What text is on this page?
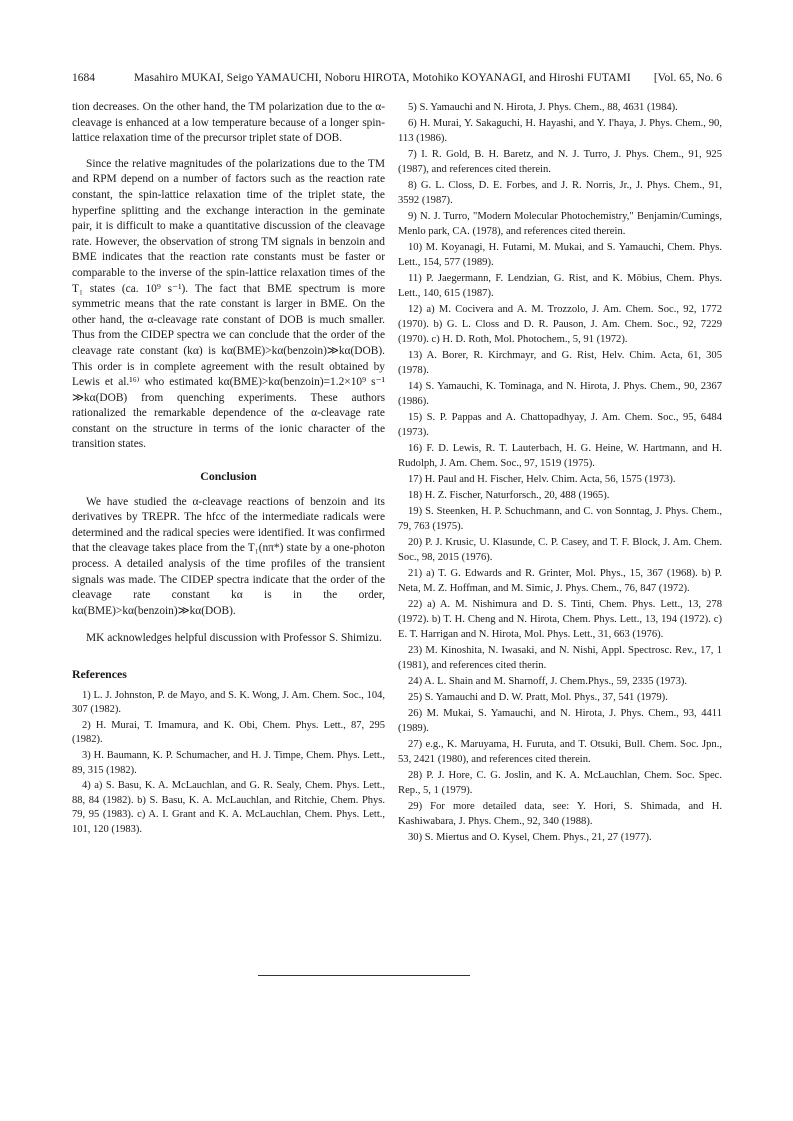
1684	Masahiro MUKAI, Seigo YAMAUCHI, Noboru HIROTA, Motohiko KOYANAGI, and Hiroshi FUTAMI [Vol. 65, No. 6

tion decreases. On the other hand, the TM polarization due to the α-cleavage is enhanced at a low temperature because of a longer spin-lattice relaxation time of the precursor triplet state of DOB.

Since the relative magnitudes of the polarizations due to the TM and RPM depend on a number of factors such as the reaction rate constant, the spin-lattice relaxation time of the triplet state, the hyperfine splitting and the exchange interaction in the geminate pair, it is difficult to make a quantitative discussion of the cleavage rate. However, the observation of strong TM signals in benzoin and BME indicates that the reaction rate constants must be faster or comparable to the inverse of the spin-lattice relaxation times of the T₁ states (ca. 10⁹ s⁻¹). The fact that BME spectrum is more symmetric means that the rate constant is larger in BME. On the other hand, the α-cleavage rate constant of DOB is much smaller. Thus from the CIDEP spectra we can conclude that the order of the cleavage rate constant (kα) is kα(BME)>kα(benzoin)≫kα(DOB). This order is in complete agreement with the result obtained by Lewis et al.¹⁶⁾ who estimated kα(BME)>kα(benzoin)=1.2×10⁹ s⁻¹ ≫kα(DOB) from quenching experiments. These authors rationalized the remarkable dependence of the α-cleavage rate constant on the structure in terms of the ionic character of the transition states.

Conclusion

We have studied the α-cleavage reactions of benzoin and its derivatives by TREPR. The hfcc of the intermediate radicals were determined and the radical species were identified. It was confirmed that the cleavage takes place from the T₁(nπ*) state by a one-photon process. A detailed analysis of the time profiles of the transient signals was made. The CIDEP spectra indicate that the order of the cleavage rate constant kα is in the order, kα(BME)>kα(benzoin)≫kα(DOB).

MK acknowledges helpful discussion with Professor S. Shimizu.

References

1) L. J. Johnston, P. de Mayo, and S. K. Wong, J. Am. Chem. Soc., 104, 307 (1982).

2) H. Murai, T. Imamura, and K. Obi, Chem. Phys. Lett., 87, 295 (1982).

3) H. Baumann, K. P. Schumacher, and H. J. Timpe, Chem. Phys. Lett., 89, 315 (1982).

4) a) S. Basu, K. A. McLauchlan, and G. R. Sealy, Chem. Phys. Lett., 88, 84 (1982). b) S. Basu, K. A. McLauchlan, and Ritchie, Chem. Phys. 79, 95 (1983). c) A. I. Grant and K. A. McLauchlan, Chem. Phys. Lett., 101, 120 (1983).

5) S. Yamauchi and N. Hirota, J. Phys. Chem., 88, 4631 (1984).

6) H. Murai, Y. Sakaguchi, H. Hayashi, and Y. I'haya, J. Phys. Chem., 90, 113 (1986).

7) I. R. Gold, B. H. Baretz, and N. J. Turro, J. Phys. Chem., 91, 925 (1987), and references cited therein.

8) G. L. Closs, D. E. Forbes, and J. R. Norris, Jr., J. Phys. Chem., 91, 3592 (1987).

9) N. J. Turro, "Modern Molecular Photochemistry," Benjamin/Cumings, Menlo park, CA. (1978), and references cited therein.

10) M. Koyanagi, H. Futami, M. Mukai, and S. Yamauchi, Chem. Phys. Lett., 154, 577 (1989).

11) P. Jaegermann, F. Lendzian, G. Rist, and K. Möbius, Chem. Phys. Lett., 140, 615 (1987).

12) a) M. Cocivera and A. M. Trozzolo, J. Am. Chem. Soc., 92, 1772 (1970). b) G. L. Closs and D. R. Pauson, J. Am. Chem. Soc., 92, 7229 (1970). c) H. D. Roth, Mol. Photochem., 5, 91 (1972).

13) A. Borer, R. Kirchmayr, and G. Rist, Helv. Chim. Acta, 61, 305 (1978).

14) S. Yamauchi, K. Tominaga, and N. Hirota, J. Phys. Chem., 90, 2367 (1986).

15) S. P. Pappas and A. Chattopadhyay, J. Am. Chem. Soc., 95, 6484 (1973).

16) F. D. Lewis, R. T. Lauterbach, H. G. Heine, W. Hartmann, and H. Rudolph, J. Am. Chem. Soc., 97, 1519 (1975).

17) H. Paul and H. Fischer, Helv. Chim. Acta, 56, 1575 (1973).

18) H. Z. Fischer, Naturforsch., 20, 488 (1965).

19) S. Steenken, H. P. Schuchmann, and C. von Sonntag, J. Phys. Chem., 79, 763 (1975).

20) P. J. Krusic, U. Klasunde, C. P. Casey, and T. F. Block, J. Am. Chem. Soc., 98, 2015 (1976).

21) a) T. G. Edwards and R. Grinter, Mol. Phys., 15, 367 (1968). b) P. Neta, M. Z. Hoffman, and M. Simic, J. Phys. Chem., 76, 847 (1972).

22) a) A. M. Nishimura and D. S. Tinti, Chem. Phys. Lett., 13, 278 (1972). b) T. H. Cheng and N. Hirota, Chem. Phys. Lett., 13, 194 (1972). c) E. T. Harrigan and N. Hirota, Mol. Phys. Lett., 31, 663 (1976).

23) M. Kinoshita, N. Iwasaki, and N. Nishi, Appl. Spectrosc. Rev., 17, 1 (1981), and references cited therin.

24) A. L. Shain and M. Sharnoff, J. Chem.Phys., 59, 2335 (1973).

25) S. Yamauchi and D. W. Pratt, Mol. Phys., 37, 541 (1979).

26) M. Mukai, S. Yamauchi, and N. Hirota, J. Phys. Chem., 93, 4411 (1989).

27) e.g., K. Maruyama, H. Furuta, and T. Otsuki, Bull. Chem. Soc. Jpn., 53, 2421 (1980), and references cited therein.

28) P. J. Hore, C. G. Joslin, and K. A. McLauchlan, Chem. Soc. Spec. Rep., 5, 1 (1979).

29) For more detailed data, see: Y. Hori, S. Shimada, and H. Kashiwabara, J. Phys. Chem., 92, 340 (1988).

30) S. Miertus and O. Kysel, Chem. Phys., 21, 27 (1977).
